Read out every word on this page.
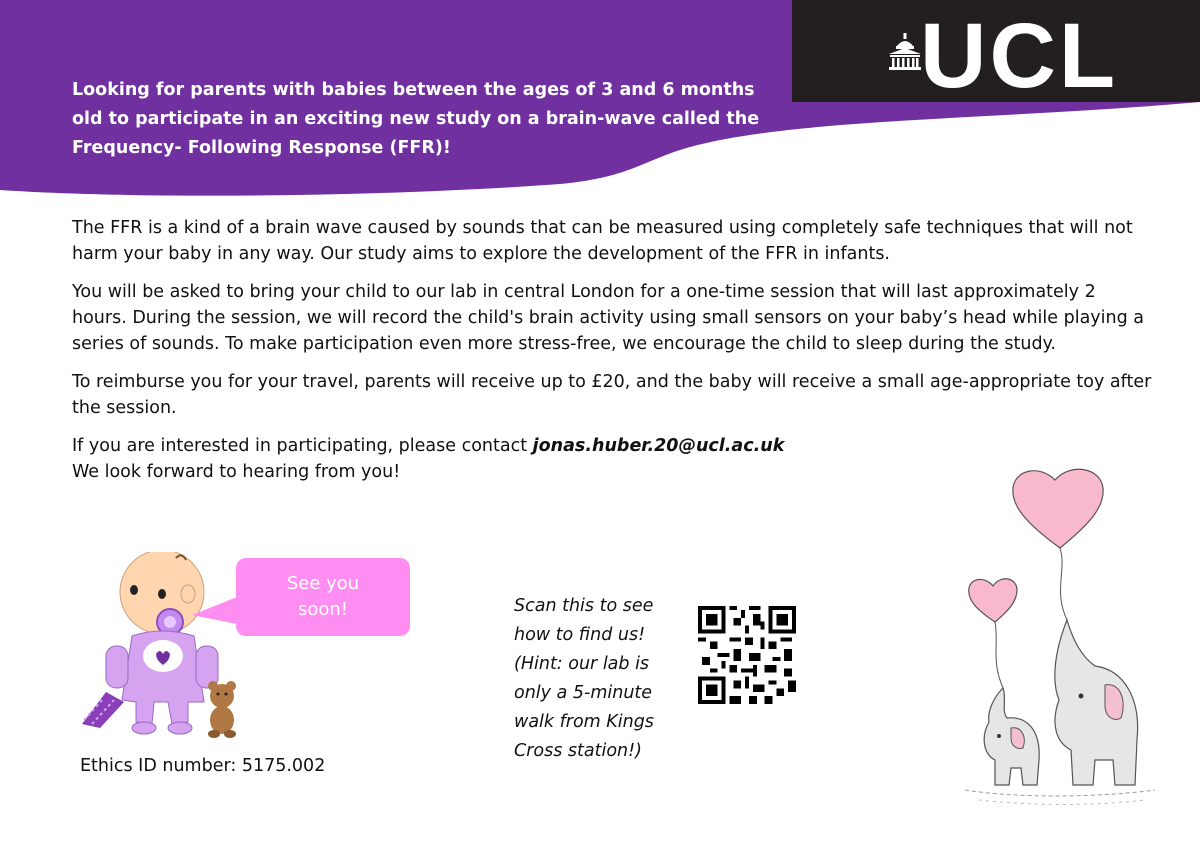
UCL

Looking for parents with babies between the ages of 3 and 6 months old to participate in an exciting new study on a brain-wave called the Frequency- Following Response (FFR)!

The FFR is a kind of a brain wave caused by sounds that can be measured using completely safe techniques that will not harm your baby in any way. Our study aims to explore the development of the FFR in infants.

You will be asked to bring your child to our lab in central London for a one-time session that will last approximately 2 hours. During the session, we will record the child's brain activity using small sensors on your baby’s head while playing a series of sounds. To make participation even more stress-free, we encourage the child to sleep during the study.

To reimburse you for your travel, parents will receive up to £20, and the baby will receive a small age-appropriate toy after the session.

If you are interested in participating, please contact jonas.huber.20@ucl.ac.uk
We look forward to hearing from you!

See you
soon!
Ethics ID number: 5175.002
Scan this to see
how to find us!
(Hint: our lab is
only a 5-minute
walk from Kings
Cross station!)
